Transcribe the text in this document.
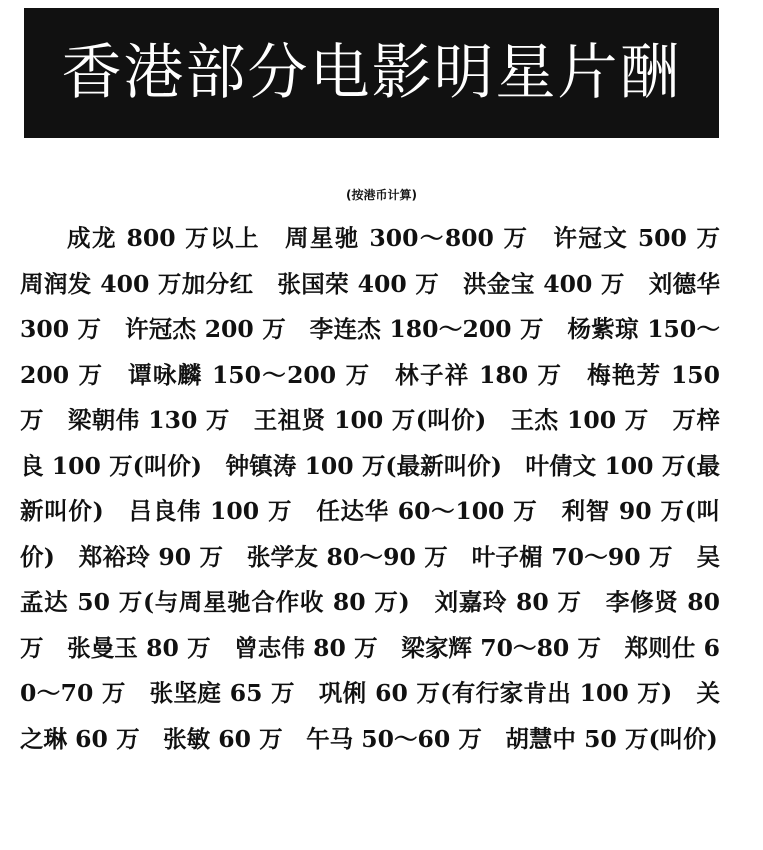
香港部分电影明星片酬
(按港币计算)
成龙 800 万以上　周星驰 300～800 万　许冠文 500 万　周润发 400 万加分红　张国荣 400 万　洪金宝 400 万　刘德华 300 万　许冠杰 200 万　李连杰 180～200 万　杨紫琼 150～200 万　谭咏麟 150～200 万　林子祥 180 万　梅艳芳 150 万　梁朝伟 130 万　王祖贤 100 万(叫价)　王杰 100 万　万梓良 100 万(叫价)　钟镇涛 100 万(最新叫价)　叶倩文 100 万(最新叫价)　吕良伟 100 万　任达华 60～100 万　利智 90 万(叫价)　郑裕玲 90 万　张学友 80～90 万　叶子楣 70～90 万　吴孟达 50 万(与周星驰合作收 80 万)　刘嘉玲 80 万　李修贤 80 万　张曼玉 80 万　曾志伟 80 万　梁家辉 70～80 万　郑则仕 60～70 万　张坚庭 65 万　巩俐 60 万(有行家肯出 100 万)　关之琳 60 万　张敏 60 万　午马 50～60 万　胡慧中 50 万(叫价)
